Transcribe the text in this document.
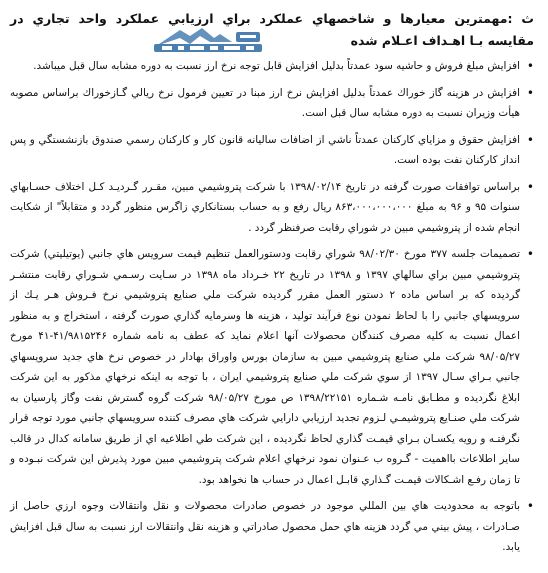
ث :مهمترين معيارها و شاخصهاي عملكرد براي ارزيابي عملكرد واحد تجاري در مقايسه بـا اهـداف اعـلام شده
•
افزايش مبلغ فروش و حاشيه سود عمدتاً بدليل افزايش قابل توجه نرخ ارز نسبت به دوره مشابه سال قبل ميباشد.
•
افزايش در هزينه گاز خوراك عمدتاً بدليل افزايش نرخ ارز مبنا در تعيين فرمول نرخ ريالي گـازخوراك براساس مصوبه هيأت وزيران نسبت به دوره مشابه سال قبل است.
•
افزايش حقوق و مزاياي كاركنان عمدتاً ناشي از اضافات ساليانه قانون كار و كاركنان رسمي صندوق بازنشستگي و پس انداز كاركنان نفت بوده است.
•
براساس توافقات صورت گرفته در تاريخ ۱۳۹۸/۰۲/۱۴ با شركت پتروشيمي مبين، مقـرر گـرديـد كـل اختلاف حسـابهاي سنوات ۹۵ و ۹۶ به مبلغ ۸۶۳،۰۰۰،۰۰۰،۰۰۰ ريال رفع و به حساب بستانكاري زاگرس منظور گردد و متقابلاً" از شكايت انجام شده از پتروشيمي مبين در شوراي رقابت صرفنظر گردد .
•
تصميمات جلسه ۳۷۷ مورخ ۹۸/۰۲/۳۰ شوراي رقابت ودستورالعمل تنظيم قيمت سرويس هاي جانبي (يوتيليتي) شركت پتروشيمي مبين براي سالهاي ۱۳۹۷ و ۱۳۹۸ در تاريخ ۲۲ خـرداد ماه ۱۳۹۸ در سـايت رسـمي شـوراي رقابت منتشـر گرديده كه بر اساس ماده ۲ دستور العمل مقرر گرديده شركت ملي صنايع پتروشيمي نرخ فـروش هـر يـك از سرويسهاي جانبي را با لحاظ نمودن نوع فرآيند توليد ، هزينه ها وسرمايه گذاري صورت گرفته ، استخراج و به منظور اعمال نسبت به كليه مصرف كنندگان محصولات آنها اعلام نمايد كه عطف به نامه شماره ۴۱/۹۸۱۵۲۴۶-۴۱ مورخ ۹۸/۰۵/۲۷ شركت ملي صنايع پتروشيمي مبين به سازمان بورس واوراق بهادار در خصوص نرخ هاي جديد سرويسهاي جانبي بـراي سـال ۱۳۹۷ از سوي شركت ملي صنايع پتروشيمي ايران ، با توجه به اينكه نرخهاي مذكور به اين شركت ابلاغ نگرديده و مطـابق نامـه شـماره ۱۳۹۸/۲۲۱۵۱ ص مورخ ۹۸/۰۵/۲۷ شركت گروه گسترش نفت وگاز پارسيان به شركت ملي صنـايع پتروشيمـي لـزوم تجديد ارزيابي دارايي شركت هاي مصرف كننده سرويسهاي جانبي مورد توجه قرار نگرفتـه و رويه يكسـان بـراي قيمـت گذاري لحاظ نگرديده ، اين شركت طي اطلاعيه اي از طريق سامانه كدال در قالب ساير اطلاعات بااهميت - گـروه ب عـنوان نمود نرخهاي اعلام شركت پتروشيمي مبين مورد پذيرش اين شركت نبـوده و تا زمان رفـع اشـكالات قيمـت گـذاري قابـل اعمال در حساب ها نخواهد بود.
•
باتوجه به محدوديت هاي بين المللي موجود در خصوص صادرات محصولات و نقل وانتقالات وجوه ارزي حاصل از صـادرات ، پيش بيني مي گردد هزينه هاي حمل محصول صادراتي و هزينه نقل وانتقالات ارز نسبت به سال قبل افزايش يابد.
